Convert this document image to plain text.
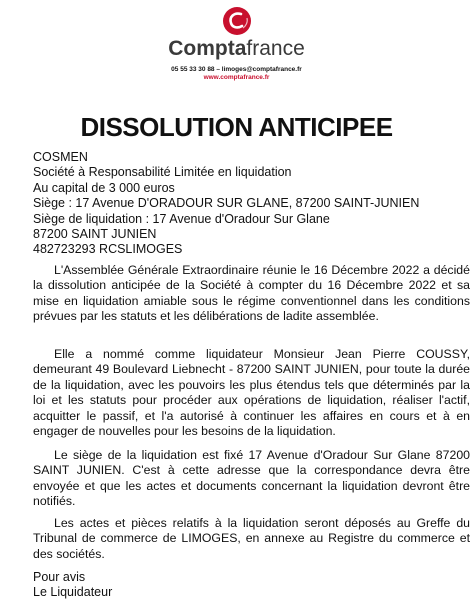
Comptafrance
05 55 33 30 88 – limoges@comptafrance.fr
www.comptafrance.fr
DISSOLUTION ANTICIPEE
COSMEN
Société à Responsabilité Limitée en liquidation
Au capital de 3 000 euros
Siège : 17 Avenue D'ORADOUR SUR GLANE, 87200 SAINT-JUNIEN
Siège de liquidation : 17 Avenue d'Oradour Sur Glane
87200 SAINT JUNIEN
482723293 RCSLIMOGES
L'Assemblée Générale Extraordinaire réunie le 16 Décembre 2022 a décidé la dissolution anticipée de la Société à compter du 16 Décembre 2022 et sa mise en liquidation amiable sous le régime conventionnel dans les conditions prévues par les statuts et les délibérations de ladite assemblée.
Elle a nommé comme liquidateur Monsieur Jean Pierre COUSSY, demeurant 49 Boulevard Liebnecht - 87200 SAINT JUNIEN, pour toute la durée de la liquidation, avec les pouvoirs les plus étendus tels que déterminés par la loi et les statuts pour procéder aux opérations de liquidation, réaliser l'actif, acquitter le passif, et l'a autorisé à continuer les affaires en cours et à en engager de nouvelles pour les besoins de la liquidation.
Le siège de la liquidation est fixé 17 Avenue d'Oradour Sur Glane 87200 SAINT JUNIEN. C'est à cette adresse que la correspondance devra être envoyée et que les actes et documents concernant la liquidation devront être notifiés.
Les actes et pièces relatifs à la liquidation seront déposés au Greffe du Tribunal de commerce de LIMOGES, en annexe au Registre du commerce et des sociétés.
Pour avis
Le Liquidateur
